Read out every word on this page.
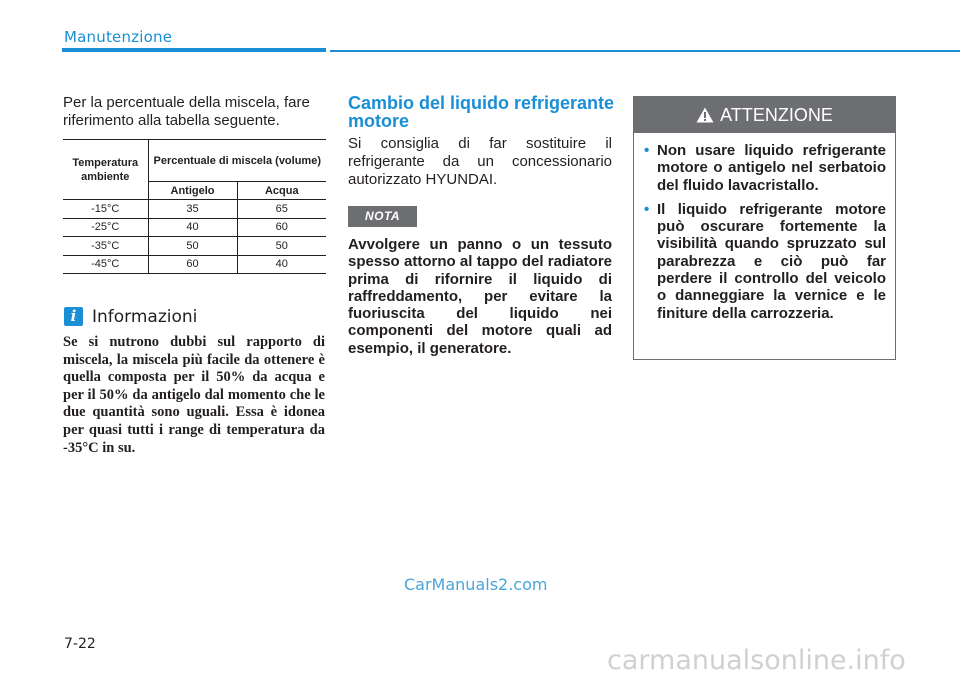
Manutenzione

Per la percentuale della miscela, fare riferimento alla tabella seguente.

Temperatura ambiente	Percentuale di miscela (volume)	
	Antigelo	Acqua
-15°C	35	65
-25°C	40	60
-35°C	50	50
-45°C	60	40
i Informazioni

Se si nutrono dubbi sul rapporto di miscela, la miscela più facile da ottenere è quella composta per il 50% da acqua e per il 50% da antigelo dal momento che le due quantità sono uguali. Essa è idonea per quasi tutti i range di temperatura da -35°C in su.

Cambio del liquido refrigerante motore

Si consiglia di far sostituire il refrigerante da un concessionario autorizzato HYUNDAI.

NOTA

Avvolgere un panno o un tessuto spesso attorno al tappo del radiatore prima di rifornire il liquido di raffreddamento, per evitare la fuoriuscita del liquido nei componenti del motore quali ad esempio, il generatore.

ATTENZIONE
• Non usare liquido refrigerante motore o antigelo nel serbatoio del fluido lavacristallo.
• Il liquido refrigerante motore può oscurare fortemente la visibilità quando spruzzato sul parabrezza e ciò può far perdere il controllo del veicolo o danneggiare la vernice e le finiture della carrozzeria.
CarManuals2.com
7-22
carmanualsonline.info
